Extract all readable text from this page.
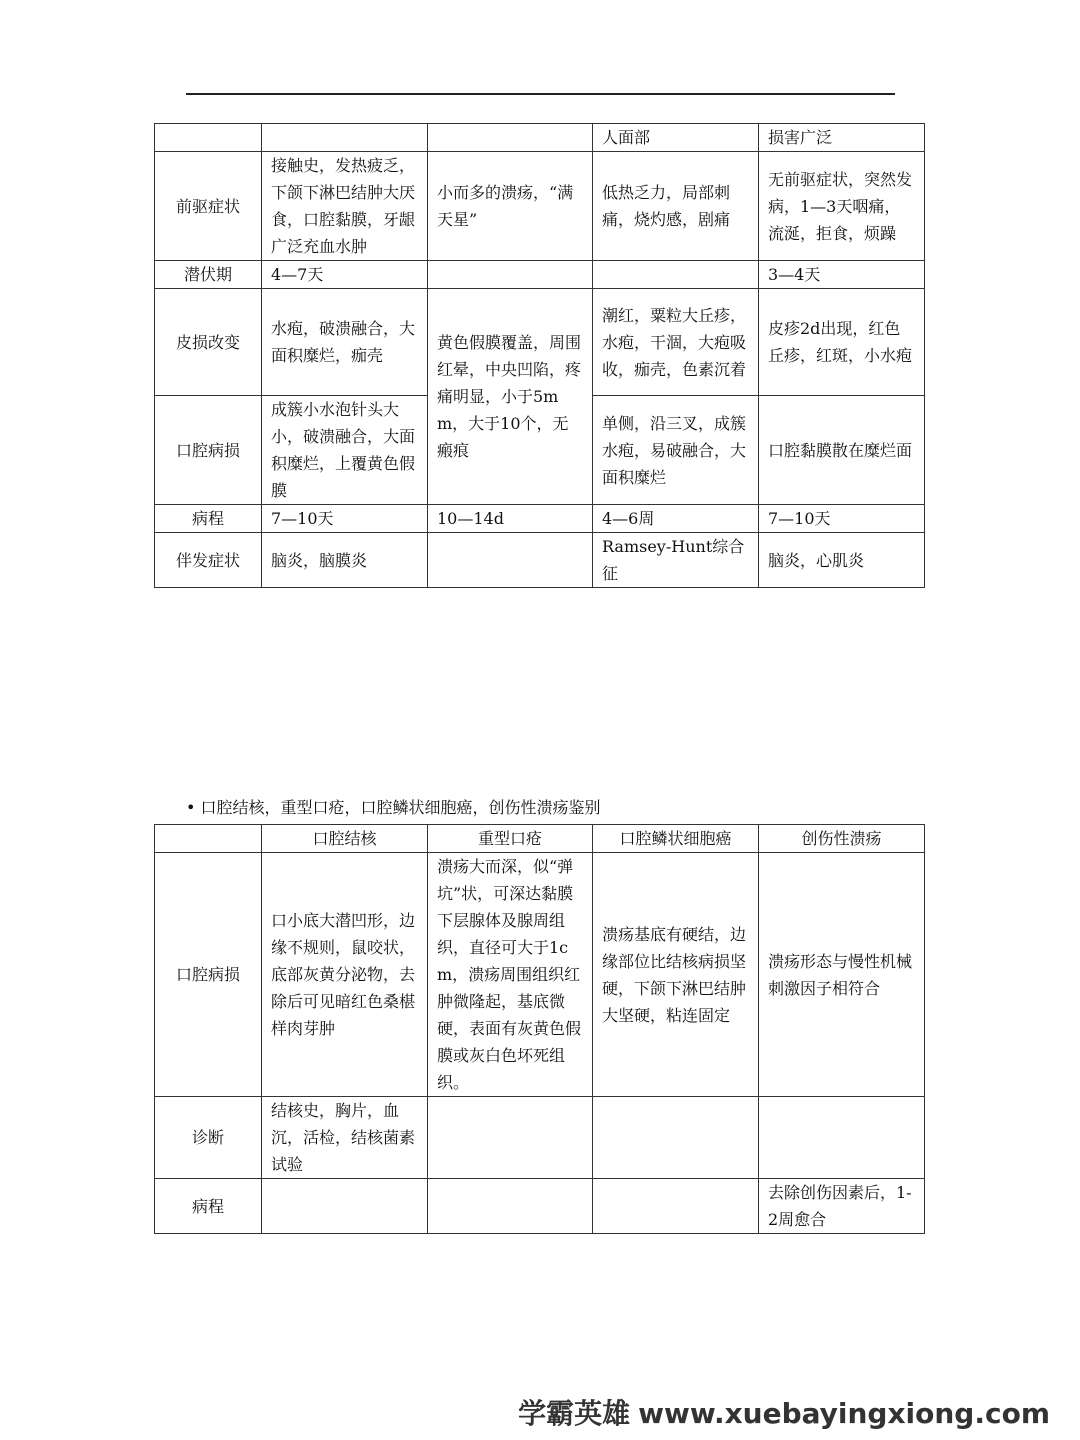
			人面部	损害广泛
前驱症状	接触史，发热疲乏，下颌下淋巴结肿大厌食，口腔黏膜，牙龈广泛充血水肿	小而多的溃疡，“满天星”	低热乏力，局部刺痛，烧灼感，剧痛	无前驱症状，突然发病，1—3天咽痛，流涎，拒食，烦躁
潜伏期	4—7天			3—4天
皮损改变	水疱，破溃融合，大面积糜烂，痂壳	黄色假膜覆盖，周围红晕，中央凹陷，疼痛明显，小于5mm，大于10个，无瘢痕	潮红，粟粒大丘疹，水疱，干涸，大疱吸收，痂壳，色素沉着	皮疹2d出现，红色丘疹，红斑，小水疱
口腔病损	成簇小水泡针头大小，破溃融合，大面积糜烂，上覆黄色假膜		单侧，沿三叉，成簇水疱，易破融合，大面积糜烂	口腔黏膜散在糜烂面
病程	7—10天	10—14d	4—6周	7—10天
伴发症状	脑炎，脑膜炎		Ramsey-Hunt综合征	脑炎，心肌炎
• 口腔结核，重型口疮，口腔鳞状细胞癌，创伤性溃疡鉴别
	口腔结核	重型口疮	口腔鳞状细胞癌	创伤性溃疡
口腔病损	口小底大潜凹形，边缘不规则，鼠咬状，底部灰黄分泌物，去除后可见暗红色桑椹样肉芽肿	溃疡大而深，似“弹坑”状，可深达黏膜下层腺体及腺周组织，直径可大于1cm，溃疡周围组织红肿微隆起，基底微硬，表面有灰黄色假膜或灰白色坏死组织。	溃疡基底有硬结，边缘部位比结核病损坚硬，下颌下淋巴结肿大坚硬，粘连固定	溃疡形态与慢性机械刺激因子相符合
诊断	结核史，胸片，血沉，活检，结核菌素试验			
病程				去除创伤因素后，1-2周愈合
学霸英雄 www.xuebayingxiong.com
